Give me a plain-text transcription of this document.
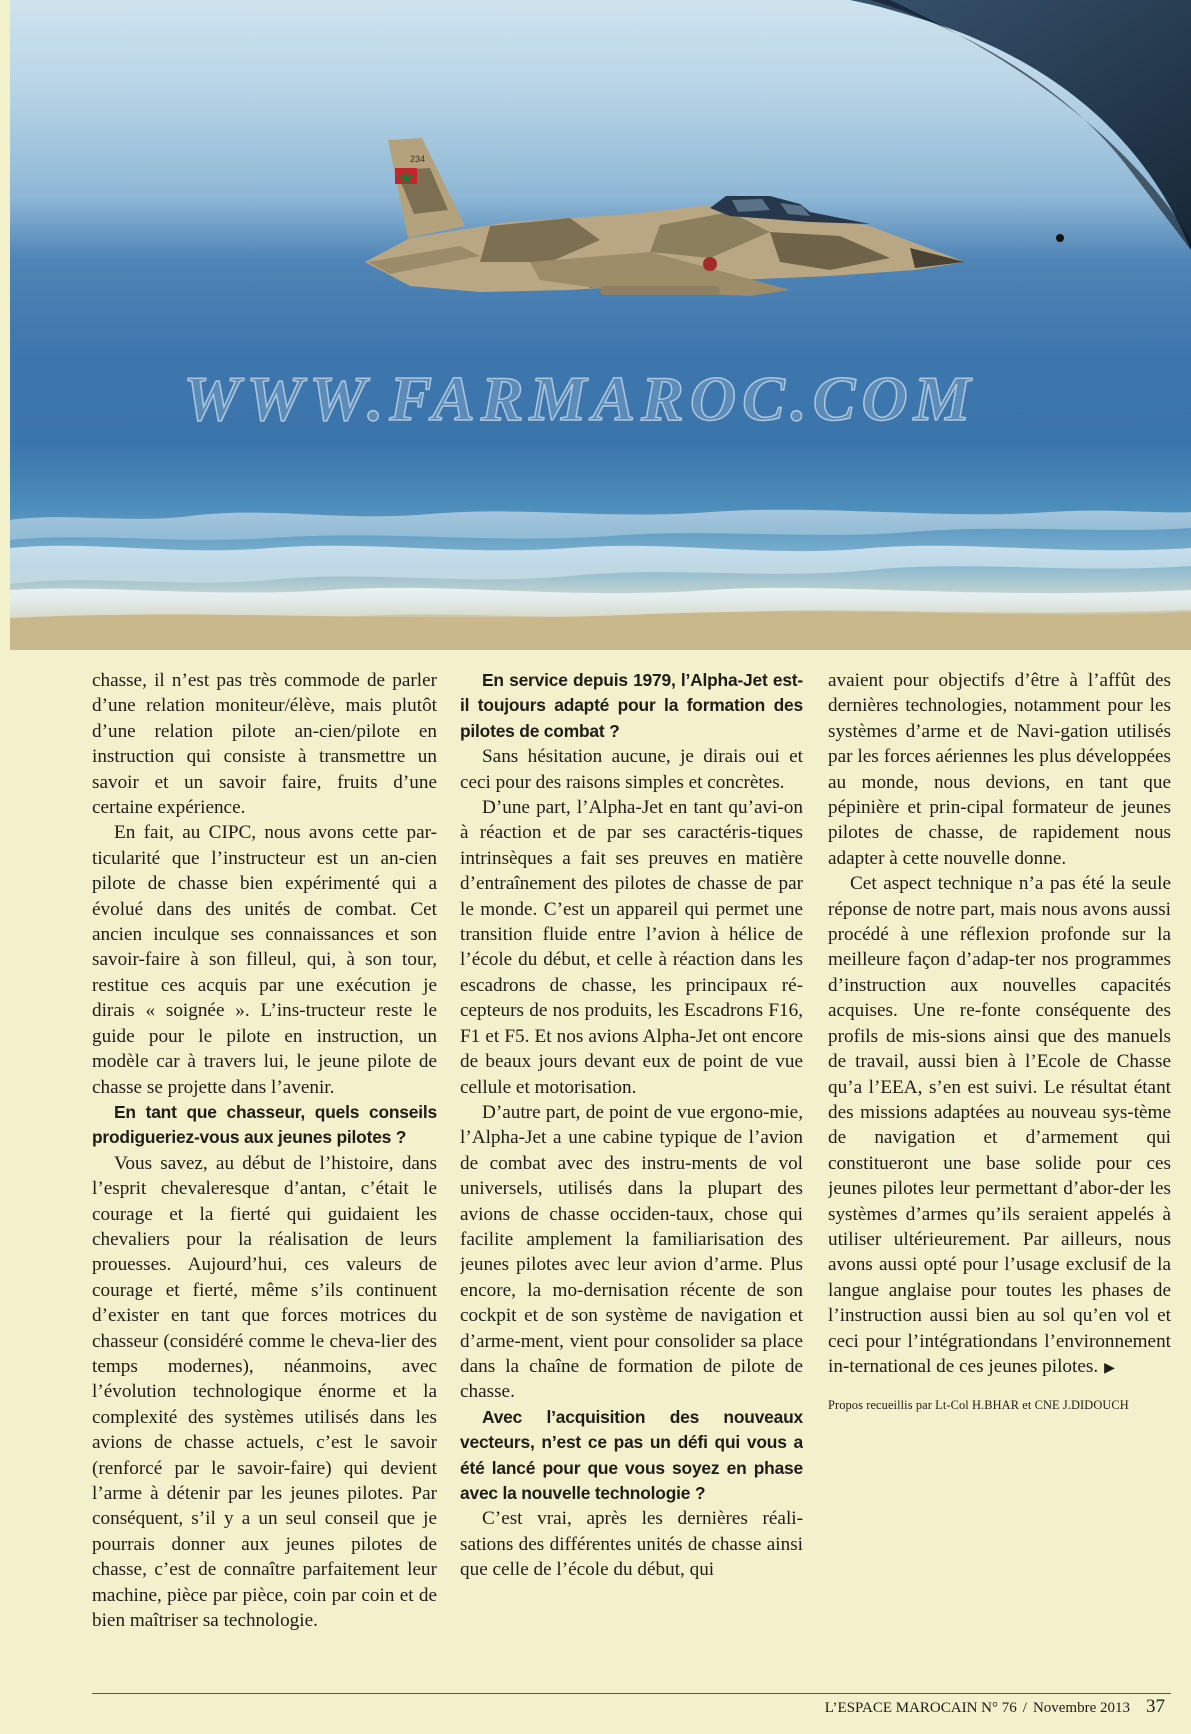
234
WWW.FARMAROC.COM

chasse, il n’est pas très commode de parler d’une relation moniteur/élève, mais plutôt d’une relation pilote an-cien/pilote en instruction qui consiste à transmettre un savoir et un savoir faire, fruits d’une certaine expérience.

En fait, au CIPC, nous avons cette par-ticularité que l’instructeur est un an-cien pilote de chasse bien expérimenté qui a évolué dans des unités de combat. Cet ancien inculque ses connaissances et son savoir-faire à son filleul, qui, à son tour, restitue ces acquis par une exécution je dirais « soignée ». L’ins-tructeur reste le guide pour le pilote en instruction, un modèle car à travers lui, le jeune pilote de chasse se projette dans l’avenir.

En tant que chasseur, quels conseils prodigueriez-vous aux jeunes pilotes ?

Vous savez, au début de l’histoire, dans l’esprit chevaleresque d’antan, c’était le courage et la fierté qui guidaient les chevaliers pour la réalisation de leurs prouesses. Aujourd’hui, ces valeurs de courage et fierté, même s’ils continuent d’exister en tant que forces motrices du chasseur (considéré comme le cheva-lier des temps modernes), néanmoins, avec l’évolution technologique énorme et la complexité des systèmes utilisés dans les avions de chasse actuels, c’est le savoir (renforcé par le savoir-faire) qui devient l’arme à détenir par les jeunes pilotes. Par conséquent, s’il y a un seul conseil que je pourrais donner aux jeunes pilotes de chasse, c’est de connaître parfaitement leur machine, pièce par pièce, coin par coin et de bien maîtriser sa technologie.

En service depuis 1979, l’Alpha-Jet est-il toujours adapté pour la formation des pilotes de combat ?

Sans hésitation aucune, je dirais oui et ceci pour des raisons simples et concrètes.

D’une part, l’Alpha-Jet en tant qu’avi-on à réaction et de par ses caractéris-tiques intrinsèques a fait ses preuves en matière d’entraînement des pilotes de chasse de par le monde. C’est un appareil qui permet une transition fluide entre l’avion à hélice de l’école du début, et celle à réaction dans les escadrons de chasse, les principaux ré-cepteurs de nos produits, les Escadrons F16, F1 et F5. Et nos avions Alpha-Jet ont encore de beaux jours devant eux de point de vue cellule et motorisation.

D’autre part, de point de vue ergono-mie, l’Alpha-Jet a une cabine typique de l’avion de combat avec des instru-ments de vol universels, utilisés dans la plupart des avions de chasse occiden-taux, chose qui facilite amplement la familiarisation des jeunes pilotes avec leur avion d’arme. Plus encore, la mo-dernisation récente de son cockpit et de son système de navigation et d’arme-ment, vient pour consolider sa place dans la chaîne de formation de pilote de chasse.

Avec l’acquisition des nouveaux vecteurs, n’est ce pas un défi qui vous a été lancé pour que vous soyez en phase avec la nouvelle technologie ?

C’est vrai, après les dernières réali-sations des différentes unités de chasse ainsi que celle de l’école du début, qui

avaient pour objectifs d’être à l’affût des dernières technologies, notamment pour les systèmes d’arme et de Navi-gation utilisés par les forces aériennes les plus développées au monde, nous devions, en tant que pépinière et prin-cipal formateur de jeunes pilotes de chasse, de rapidement nous adapter à cette nouvelle donne.

Cet aspect technique n’a pas été la seule réponse de notre part, mais nous avons aussi procédé à une réflexion profonde sur la meilleure façon d’adap-ter nos programmes d’instruction aux nouvelles capacités acquises. Une re-fonte conséquente des profils de mis-sions ainsi que des manuels de travail, aussi bien à l’Ecole de Chasse qu’a l’EEA, s’en est suivi. Le résultat étant des missions adaptées au nouveau sys-tème de navigation et d’armement qui constitueront une base solide pour ces jeunes pilotes leur permettant d’abor-der les systèmes d’armes qu’ils seraient appelés à utiliser ultérieurement. Par ailleurs, nous avons aussi opté pour l’usage exclusif de la langue anglaise pour toutes les phases de l’instruction aussi bien au sol qu’en vol et ceci pour l’intégrationdans l’environnement in-ternational de ces jeunes pilotes. ▶

Propos recueillis par Lt-Col H.BHAR et CNE J.DIDOUCH
L’ESPACE MAROCAIN N° 76 / Novembre 2013 37
